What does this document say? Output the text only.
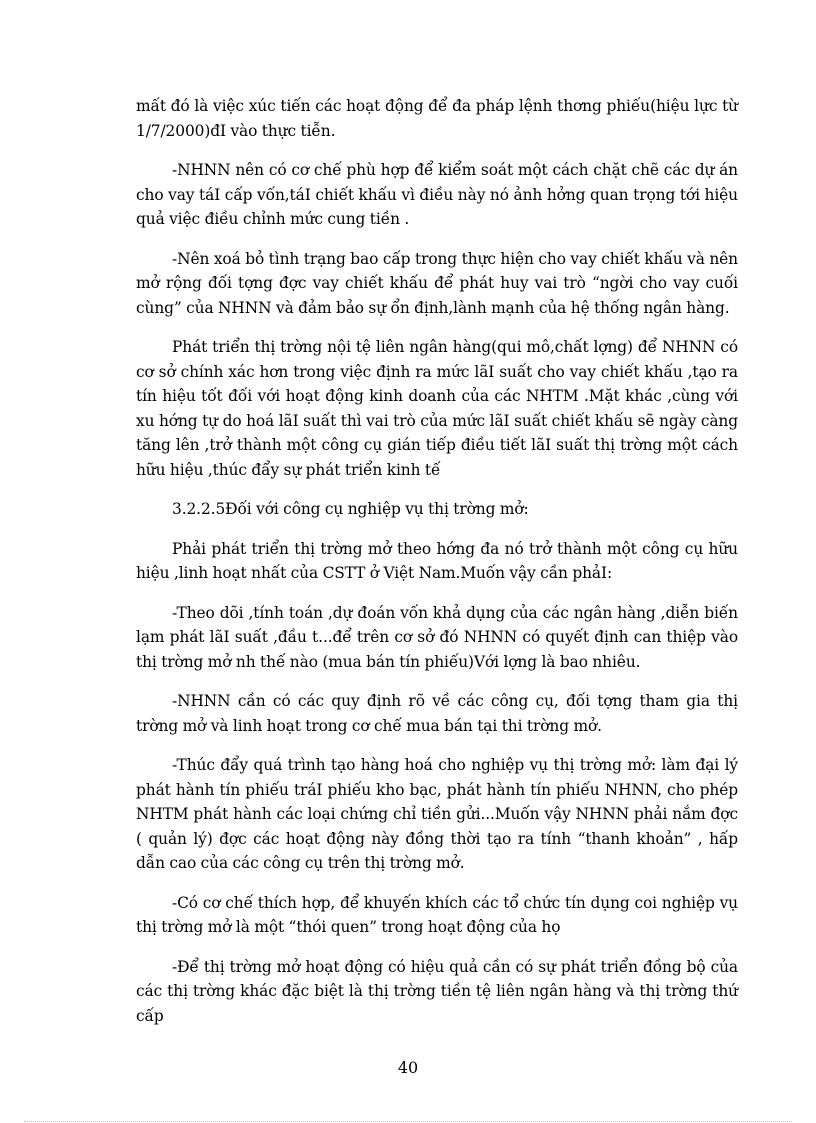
mất đó là việc xúc tiến các hoạt động để đa pháp lệnh thơng phiếu(hiệu lực từ 1/7/2000)đI vào thực tiễn.

-NHNN nên có cơ chế phù hợp để kiểm soát một cách chặt chẽ các dự án cho vay táI cấp vốn,táI chiết khấu vì điều này nó ảnh hởng quan trọng tới hiệu quả việc điều chỉnh mức cung tiền .

-Nên xoá bỏ tình trạng bao cấp trong thực hiện cho vay chiết khấu và nên mở rộng đối tợng đợc vay chiết khấu để phát huy vai trò “ngời cho vay cuối cùng” của NHNN và đảm bảo sự ổn định,lành mạnh của hệ thống ngân hàng.

Phát triển thị trờng nội tệ liên ngân hàng(qui mô,chất lợng) để NHNN có cơ sở chính xác hơn trong việc định ra mức lãI suất cho vay chiết khấu ,tạo ra tín hiệu tốt đối với hoạt động kinh doanh của các NHTM .Mặt khác ,cùng với xu hớng tự do hoá lãI suất thì vai trò của mức lãI suất chiết khấu sẽ ngày càng tăng lên ,trở thành một công cụ gián tiếp điều tiết lãI suất thị trờng một cách hữu hiệu ,thúc đẩy sự phát triển kinh tế

3.2.2.5Đối với công cụ nghiệp vụ thị trờng mở:

Phải phát triển thị trờng mở theo hớng đa nó trở thành một công cụ hữu hiệu ,linh hoạt nhất của CSTT ở Việt Nam.Muốn vậy cần phảI:

-Theo dõi ,tính toán ,dự đoán vốn khả dụng của các ngân hàng ,diễn biến lạm phát lãI suất ,đầu t...để trên cơ sở đó NHNN có quyết định can thiệp vào thị trờng mở nh thế nào (mua bán tín phiếu)Với lợng là bao nhiêu.

-NHNN cần có các quy định rõ về các công cụ, đối tợng tham gia thị trờng mở và linh hoạt trong cơ chế mua bán tại thi trờng mở.

-Thúc đẩy quá trình tạo hàng hoá cho nghiệp vụ thị trờng mở: làm đại lý phát hành tín phiếu tráI phiếu kho bạc, phát hành tín phiếu NHNN, cho phép NHTM phát hành các loại chứng chỉ tiền gửi...Muốn vậy NHNN phải nắm đợc ( quản lý) đợc các hoạt động này đồng thời tạo ra tính “thanh khoản” , hấp dẫn cao của các công cụ trên thị trờng mở.

-Có cơ chế thích hợp, để khuyến khích các tổ chức tín dụng coi nghiệp vụ thị trờng mở là một “thói quen” trong hoạt động của họ

-Để thị trờng mở hoạt động có hiệu quả cần có sự phát triển đồng bộ của các thị trờng khác đặc biệt là thị trờng tiền tệ liên ngân hàng và thị trờng thứ cấp

40
